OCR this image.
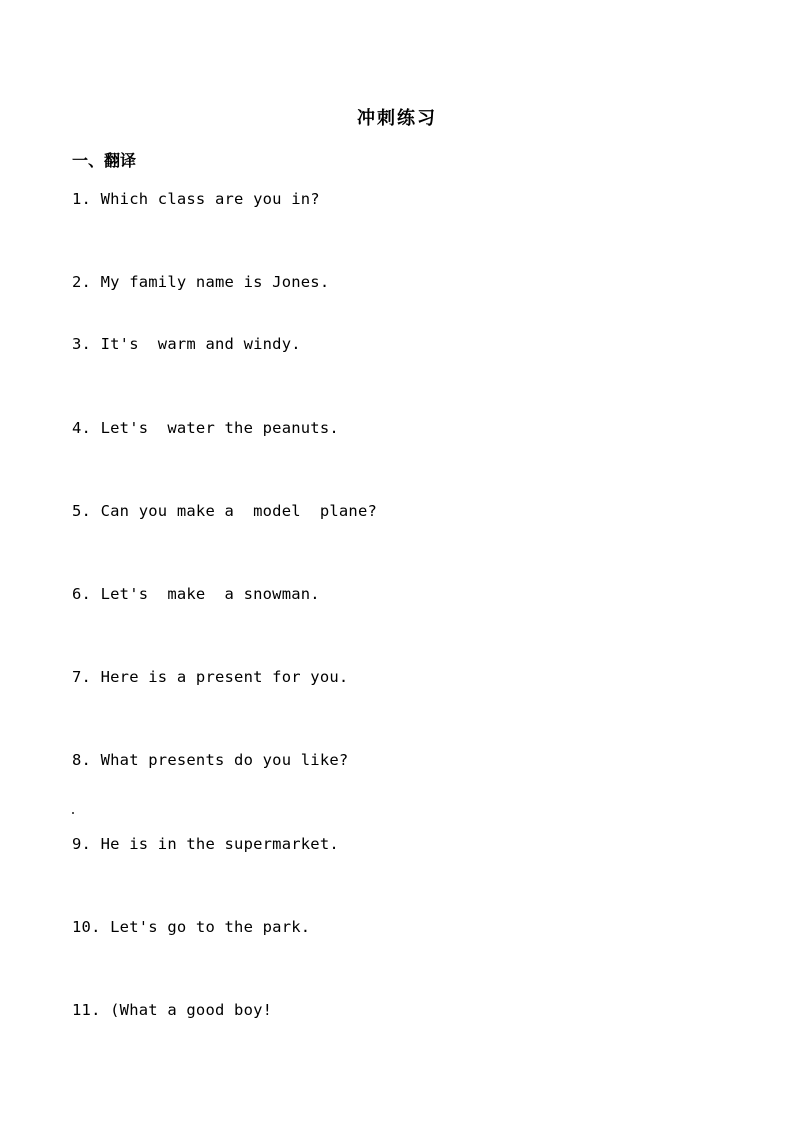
冲刺练习
一、翻译
1. Which class are you in?
2. My family name is Jones.
3. It's  warm and windy.
4. Let's  water the peanuts.
5. Can you make a  model  plane?
6. Let's  make  a snowman.
7. Here is a present for you.
8. What presents do you like?
9. He is in the supermarket.
10. Let's go to the park.
11. (What a good boy!
